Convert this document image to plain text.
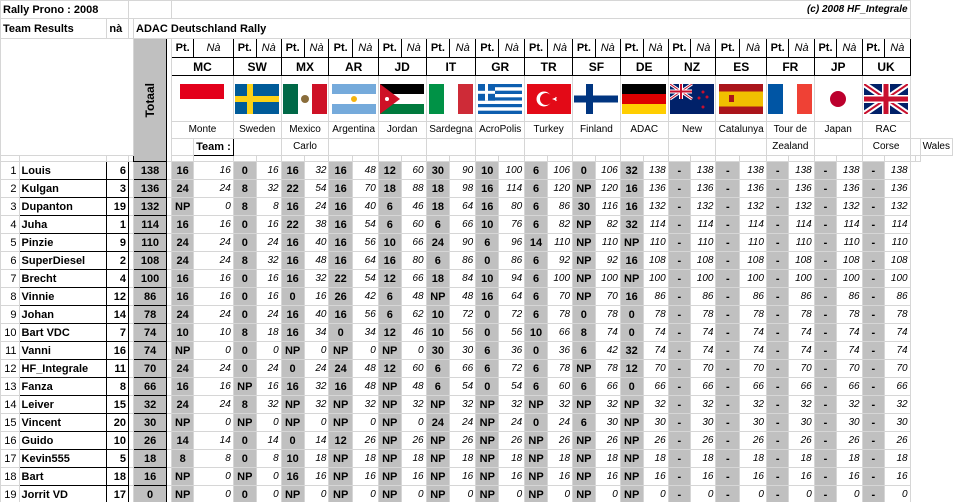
Rally Prono : 2008						(c) 2008 HF_Integrale																																
Team Results		nà		ADAC Deutschland Rally																																		

				Totaal		Pt.	Nà	Pt.	Nà	Pt.	Nà	Pt.	Nà	Pt.	Nà	Pt.	Nà	Pt.	Nà	Pt.	Nà	Pt.	Nà	Pt.	Nà	Pt.	Nà	Pt.	Nà	Pt.	Nà	Pt.	Nà	Pt.	Nà			
						MC		SW		MX		AR		JD		IT		GR		TR		SF		DE		NZ		ES		FR		JP		UK				

						Monte		Sweden		Mexico		Argentina		Jordan		Sardegna		AcroPolis		Turkey		Finland		ADAC		New		Catalunya		Tour de		Japan		RAC				
							Team :			Carlo																				Zealand				Corse				Wales

1	Louis	6		138		16	16	0	16	16	32	16	48	12	60	30	90	10	100	6	106	0	106	32	138	-	138	-	138	-	138	-	138	-	138			
2	Kulgan	3		136		24	24	8	32	22	54	16	70	18	88	18	98	16	114	6	120	NP	120	16	136	-	136	-	136	-	136	-	136	-	136			
3	Dupanton	19		132		NP	0	8	8	16	24	16	40	6	46	18	64	16	80	6	86	30	116	16	132	-	132	-	132	-	132	-	132	-	132			
4	Juha	1		114		16	16	0	16	22	38	16	54	6	60	6	66	10	76	6	82	NP	82	32	114	-	114	-	114	-	114	-	114	-	114			
5	Pinzie	9		110		24	24	0	24	16	40	16	56	10	66	24	90	6	96	14	110	NP	110	NP	110	-	110	-	110	-	110	-	110	-	110			
6	SuperDiesel	2		108		24	24	8	32	16	48	16	64	16	80	6	86	0	86	6	92	NP	92	16	108	-	108	-	108	-	108	-	108	-	108			
7	Brecht	4		100		16	16	0	16	16	32	22	54	12	66	18	84	10	94	6	100	NP	100	NP	100	-	100	-	100	-	100	-	100	-	100			
8	Vinnie	12		86		16	16	0	16	0	16	26	42	6	48	NP	48	16	64	6	70	NP	70	16	86	-	86	-	86	-	86	-	86	-	86			
9	Johan	14		78		24	24	0	24	16	40	16	56	6	62	10	72	0	72	6	78	0	78	0	78	-	78	-	78	-	78	-	78	-	78			
10	Bart VDC	7		74		10	10	8	18	16	34	0	34	12	46	10	56	0	56	10	66	8	74	0	74	-	74	-	74	-	74	-	74	-	74			
11	Vanni	16		74		NP	0	0	0	NP	0	NP	0	NP	0	30	30	6	36	0	36	6	42	32	74	-	74	-	74	-	74	-	74	-	74			
12	HF_Integrale	11		70		24	24	0	24	0	24	24	48	12	60	6	66	6	72	6	78	NP	78	12	70	-	70	-	70	-	70	-	70	-	70			
13	Fanza	8		66		16	16	NP	16	16	32	16	48	NP	48	6	54	0	54	6	60	6	66	0	66	-	66	-	66	-	66	-	66	-	66			
14	Leiver	15		32		24	24	8	32	NP	32	NP	32	NP	32	NP	32	NP	32	NP	32	NP	32	NP	32	-	32	-	32	-	32	-	32	-	32			
15	Vincent	20		30		NP	0	NP	0	NP	0	NP	0	NP	0	24	24	NP	24	0	24	6	30	NP	30	-	30	-	30	-	30	-	30	-	30			
16	Guido	10		26		14	14	0	14	0	14	12	26	NP	26	NP	26	NP	26	NP	26	NP	26	NP	26	-	26	-	26	-	26	-	26	-	26			
17	Kevin555	5		18		8	8	0	8	10	18	NP	18	NP	18	NP	18	NP	18	NP	18	NP	18	NP	18	-	18	-	18	-	18	-	18	-	18			
18	Bart	18		16		NP	0	NP	0	16	16	NP	16	NP	16	NP	16	NP	16	NP	16	NP	16	NP	16	-	16	-	16	-	16	-	16	-	16			
19	Jorrit VD	17		0		NP	0	0	0	NP	0	NP	0	NP	0	NP	0	NP	0	NP	0	NP	0	NP	0	-	0	-	0	-	0	-	0	-	0			
